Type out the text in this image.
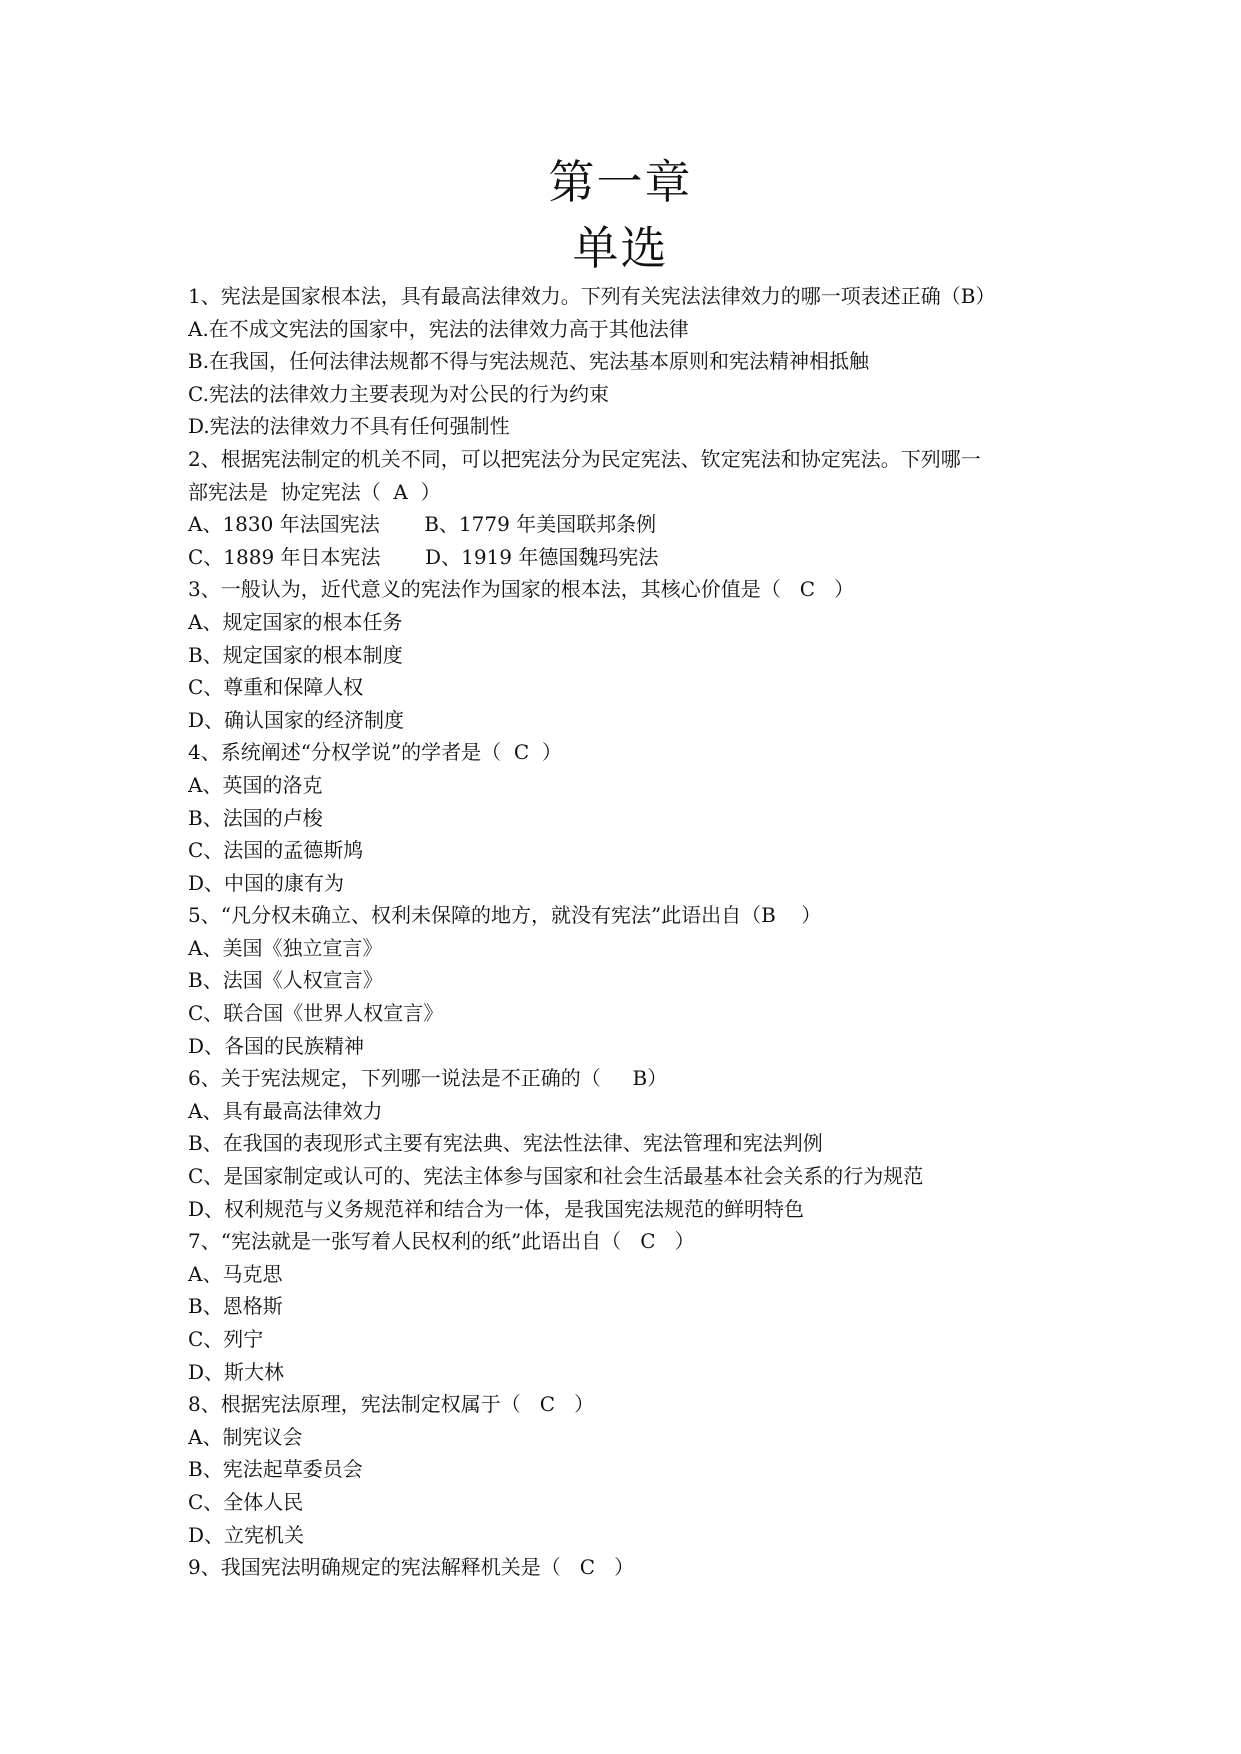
第一章
单选

1、宪法是国家根本法，具有最高法律效力。下列有关宪法法律效力的哪一项表述正确（B）

A.在不成文宪法的国家中，宪法的法律效力高于其他法律

B.在我国，任何法律法规都不得与宪法规范、宪法基本原则和宪法精神相抵触

C.宪法的法律效力主要表现为对公民的行为约束

D.宪法的法律效力不具有任何强制性

2、根据宪法制定的机关不同，可以把宪法分为民定宪法、钦定宪法和协定宪法。下列哪一

部宪法是  协定宪法（  A  ）

A、1830 年法国宪法       B、1779 年美国联邦条例

C、1889 年日本宪法       D、1919 年德国魏玛宪法

3、一般认为，近代意义的宪法作为国家的根本法，其核心价值是（   C   ）

A、规定国家的根本任务

B、规定国家的根本制度

C、尊重和保障人权

D、确认国家的经济制度

4、系统阐述“分权学说”的学者是（  C  ）

A、英国的洛克

B、法国的卢梭

C、法国的孟德斯鸠

D、中国的康有为

5、“凡分权未确立、权利未保障的地方，就没有宪法”此语出自（B    ）

A、美国《独立宣言》

B、法国《人权宣言》

C、联合国《世界人权宣言》

D、各国的民族精神

6、关于宪法规定，下列哪一说法是不正确的（     B）

A、具有最高法律效力

B、在我国的表现形式主要有宪法典、宪法性法律、宪法管理和宪法判例

C、是国家制定或认可的、宪法主体参与国家和社会生活最基本社会关系的行为规范

D、权利规范与义务规范祥和结合为一体，是我国宪法规范的鲜明特色

7、“宪法就是一张写着人民权利的纸”此语出自（   C   ）

A、马克思

B、恩格斯

C、列宁

D、斯大林

8、根据宪法原理，宪法制定权属于（   C   ）

A、制宪议会

B、宪法起草委员会

C、全体人民

D、立宪机关

9、我国宪法明确规定的宪法解释机关是（   C   ）
